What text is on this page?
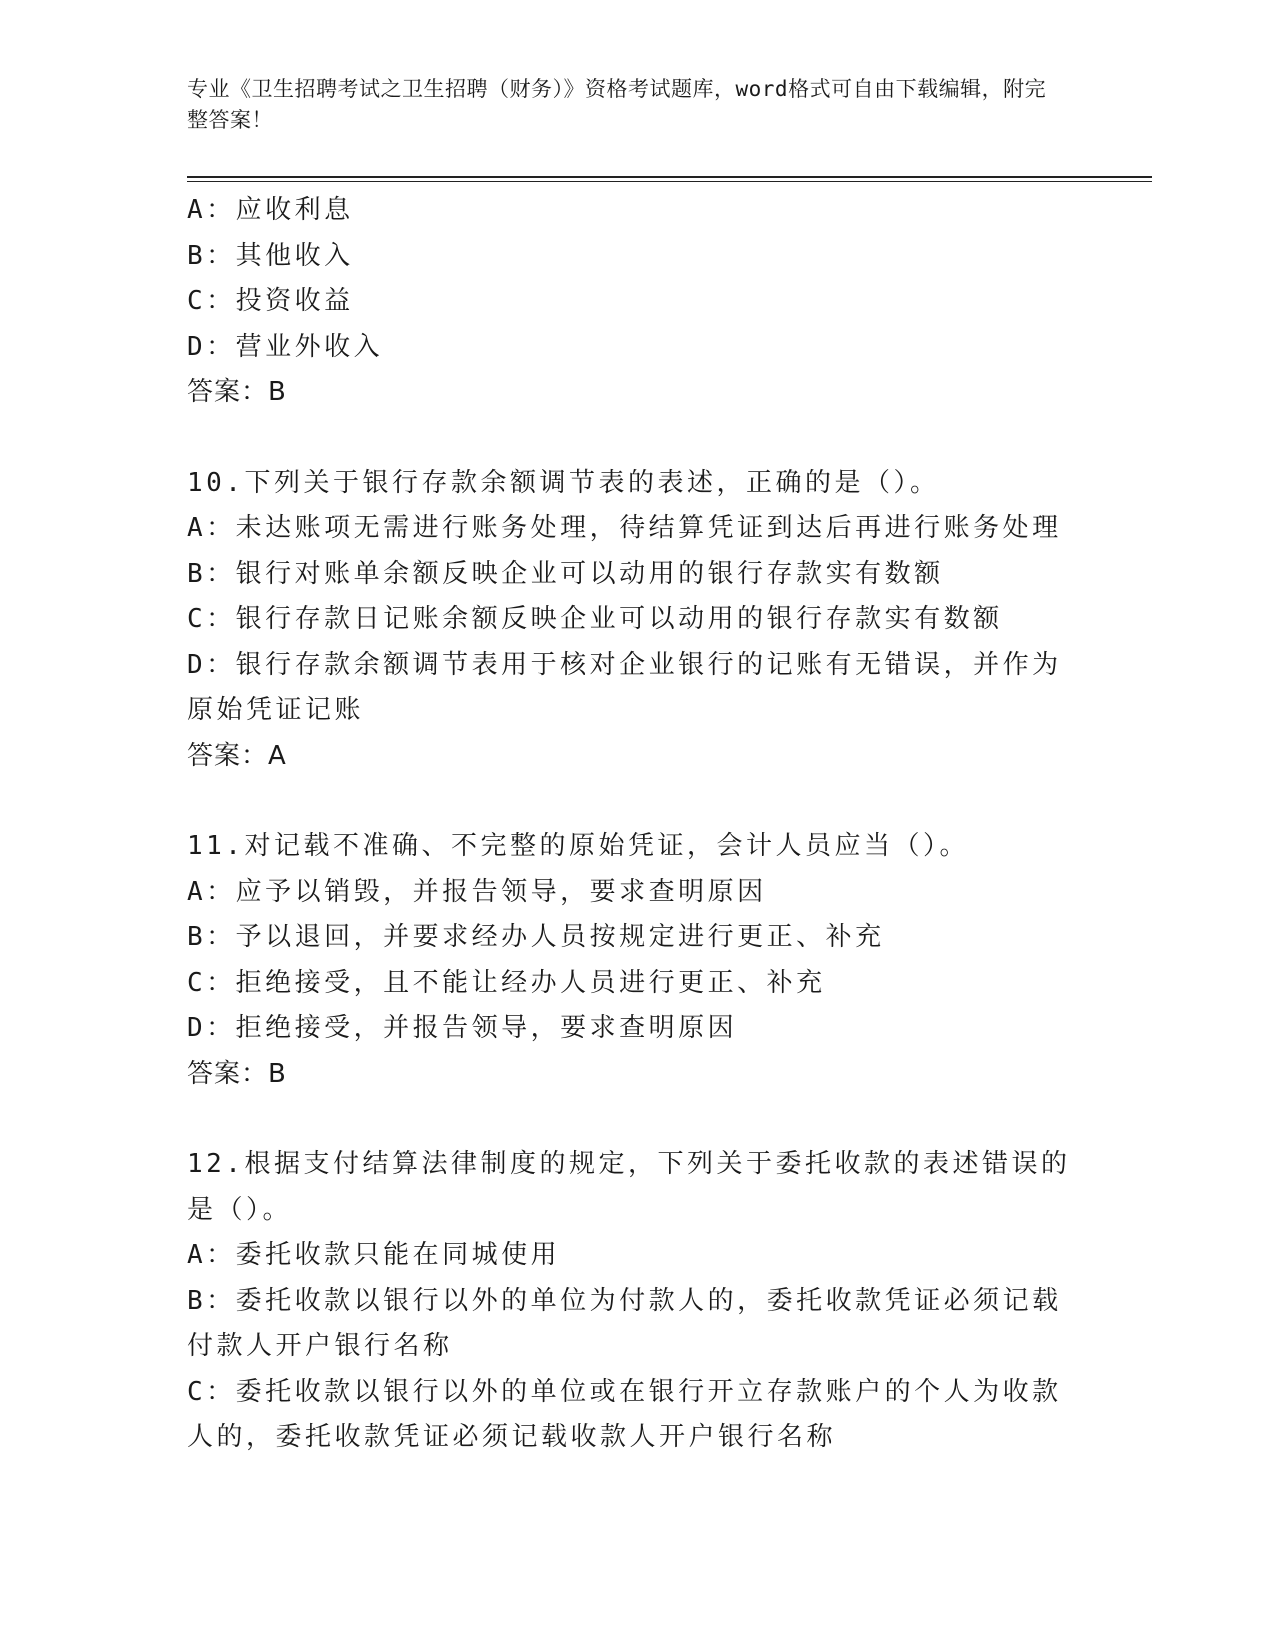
专业《卫生招聘考试之卫生招聘（财务）》资格考试题库，word格式可自由下载编辑，附完整答案！
A：应收利息
B：其他收入
C：投资收益
D：营业外收入
答案：B
10.下列关于银行存款余额调节表的表述，正确的是（）。
A：未达账项无需进行账务处理，待结算凭证到达后再进行账务处理
B：银行对账单余额反映企业可以动用的银行存款实有数额
C：银行存款日记账余额反映企业可以动用的银行存款实有数额
D：银行存款余额调节表用于核对企业银行的记账有无错误，并作为原始凭证记账
答案：A
11.对记载不准确、不完整的原始凭证，会计人员应当（）。
A：应予以销毁，并报告领导，要求查明原因
B：予以退回，并要求经办人员按规定进行更正、补充
C：拒绝接受，且不能让经办人员进行更正、补充
D：拒绝接受，并报告领导，要求查明原因
答案：B
12.根据支付结算法律制度的规定，下列关于委托收款的表述错误的是（）。
A：委托收款只能在同城使用
B：委托收款以银行以外的单位为付款人的，委托收款凭证必须记载付款人开户银行名称
C：委托收款以银行以外的单位或在银行开立存款账户的个人为收款人的，委托收款凭证必须记载收款人开户银行名称
